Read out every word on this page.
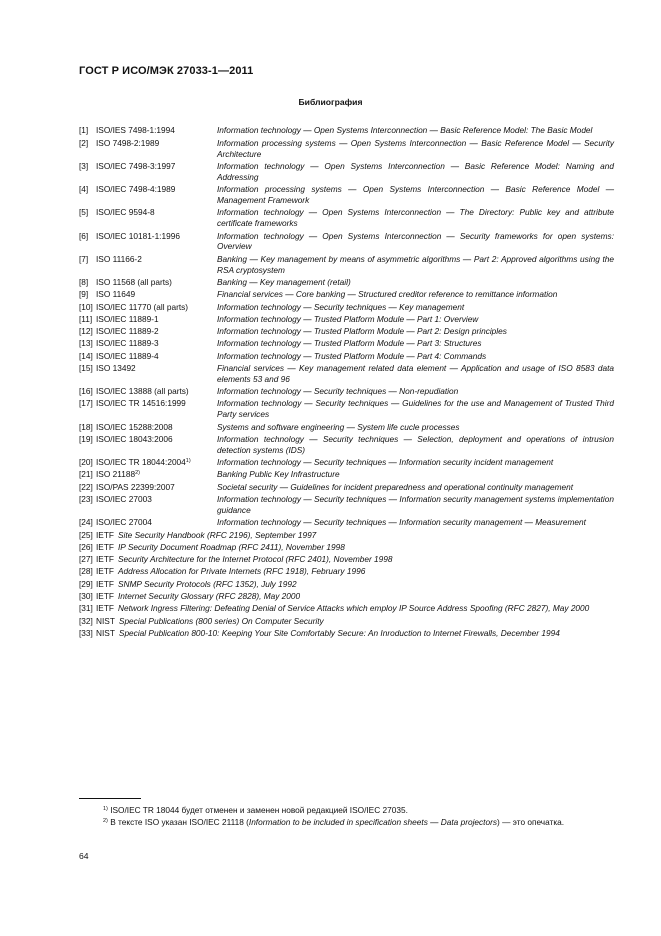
ГОСТ Р ИСО/МЭК 27033-1—2011
Библиография
[1] ISO/IES 7498-1:1994	Information technology — Open Systems Interconnection — Basic Reference Model: The Basic Model
[2] ISO 7498-2:1989	Information processing systems — Open Systems Interconnection — Basic Reference Model — Security Architecture
[3] ISO/IEC 7498-3:1997	Information technology — Open Systems Interconnection — Basic Reference Model: Naming and Addressing
[4] ISO/IEC 7498-4:1989	Information processing systems — Open Systems Interconnection — Basic Reference Model — Management Framework
[5] ISO/IEC 9594-8	Information technology — Open Systems Interconnection — The Directory: Public key and attribute certificate frameworks
[6] ISO/IEC 10181-1:1996	Information technology — Open Systems Interconnection — Security frameworks for open systems: Overview
[7] ISO 11166-2	Banking — Key management by means of asymmetric algorithms — Part 2: Approved algorithms using the RSA cryptosystem
[8] ISO 11568 (all parts)	Banking — Key management (retail)
[9] ISO 11649	Financial services — Core banking — Structured creditor reference to remittance information
[10] ISO/IEC 11770 (all parts)	Information technology — Security techniques — Key management
[11] ISO/IEC 11889-1	Information technology — Trusted Platform Module — Part 1: Overview
[12] ISO/IEC 11889-2	Information technology — Trusted Platform Module — Part 2: Design principles
[13] ISO/IEC 11889-3	Information technology — Trusted Platform Module — Part 3: Structures
[14] ISO/IEC 11889-4	Information technology — Trusted Platform Module — Part 4: Commands
[15] ISO 13492	Financial services — Key management related data element — Application and usage of ISO 8583 data elements 53 and 96
[16] ISO/IEC 13888 (all parts)	Information technology — Security techniques — Non-repudiation
[17] ISO/IEC TR 14516:1999	Information technology — Security techniques — Guidelines for the use and Management of Trusted Third Party services
[18] ISO/IEC 15288:2008	Systems and software engineering — System life cucle processes
[19] ISO/IEC 18043:2006	Information technology — Security techniques — Selection, deployment and operations of intrusion detection systems (IDS)
[20] ISO/IEC TR 18044:2004$^{1)}$	Information technology — Security techniques — Information security incident management
[21] ISO 21188$^{2)}$	Banking Public Key Infrastructure
[22] ISO/PAS 22399:2007	Societal security — Guidelines for incident preparedness and operational continuity management
[23] ISO/IEC 27003	Information technology — Security techniques — Information security management systems implementation guidance
[24] ISO/IEC 27004	Information technology — Security techniques — Information security management — Measurement
[25] IETF Site Security Handbook (RFC 2196), September 1997
[26] IETF IP Security Document Roadmap (RFC 2411), November 1998
[27] IETF Security Architecture for the Internet Protocol (RFC 2401), November 1998
[28] IETF Address Allocation for Private Internets (RFC 1918), February 1996
[29] IETF SNMP Security Protocols (RFC 1352), July 1992
[30] IETF Internet Security Glossary (RFC 2828), May 2000
[31] IETF Network Ingress Filtering: Defeating Denial of Service Attacks which employ IP Source Address Spoofing (RFC 2827), May 2000
[32] NIST Special Publications (800 series) On Computer Security
[33] NIST Special Publication 800-10: Keeping Your Site Comfortably Secure: An Inroduction to Internet Firewalls, December 1994
$^{1)}$ ISO/IEC TR 18044 будет отменен и заменен новой редакцией ISO/IEC 27035.
$^{2)}$ В тексте ISO указан ISO/IEC 21118 (Information to be included in specification sheets — Data projectors) — это опечатка.
64
